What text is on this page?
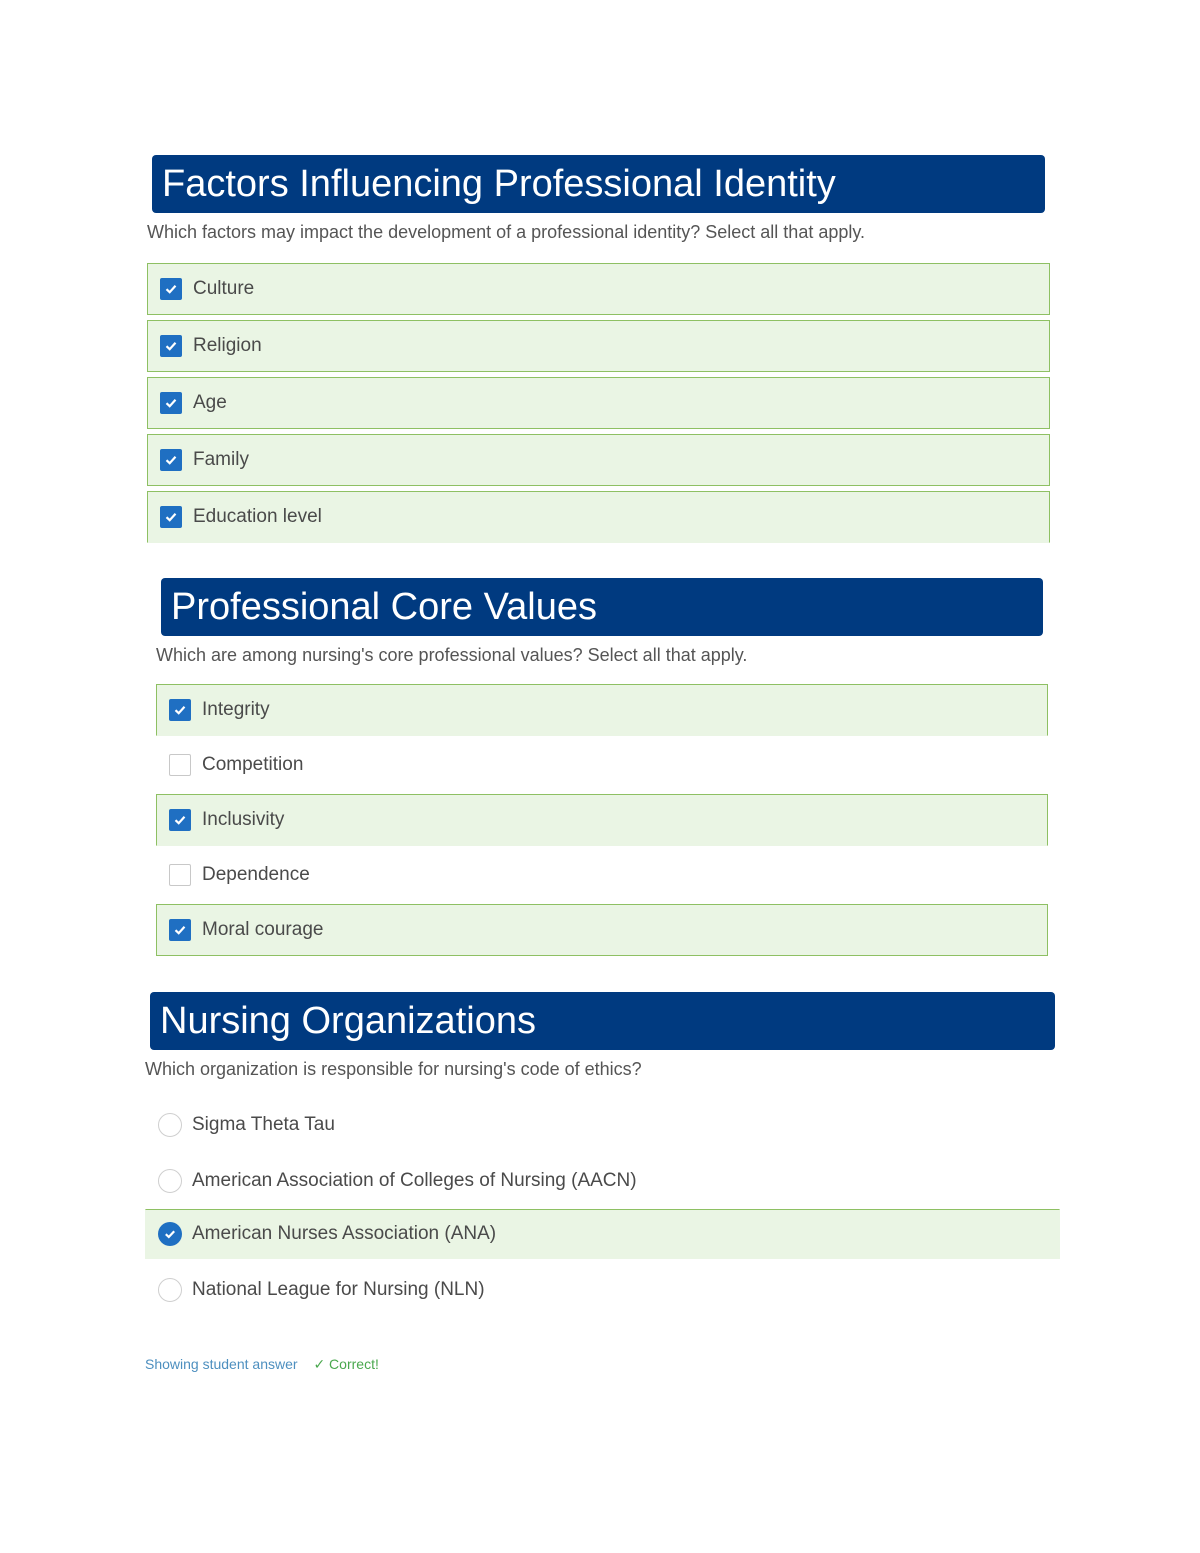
Factors Influencing Professional Identity
Which factors may impact the development of a professional identity? Select all that apply.
Culture
Religion
Age
Family
Education level
Professional Core Values
Which are among nursing's core professional values? Select all that apply.
Integrity
Competition
Inclusivity
Dependence
Moral courage
Nursing Organizations
Which organization is responsible for nursing's code of ethics?
Sigma Theta Tau
American Association of Colleges of Nursing (AACN)
American Nurses Association (ANA)
National League for Nursing (NLN)
Showing student answer ✓ Correct!
